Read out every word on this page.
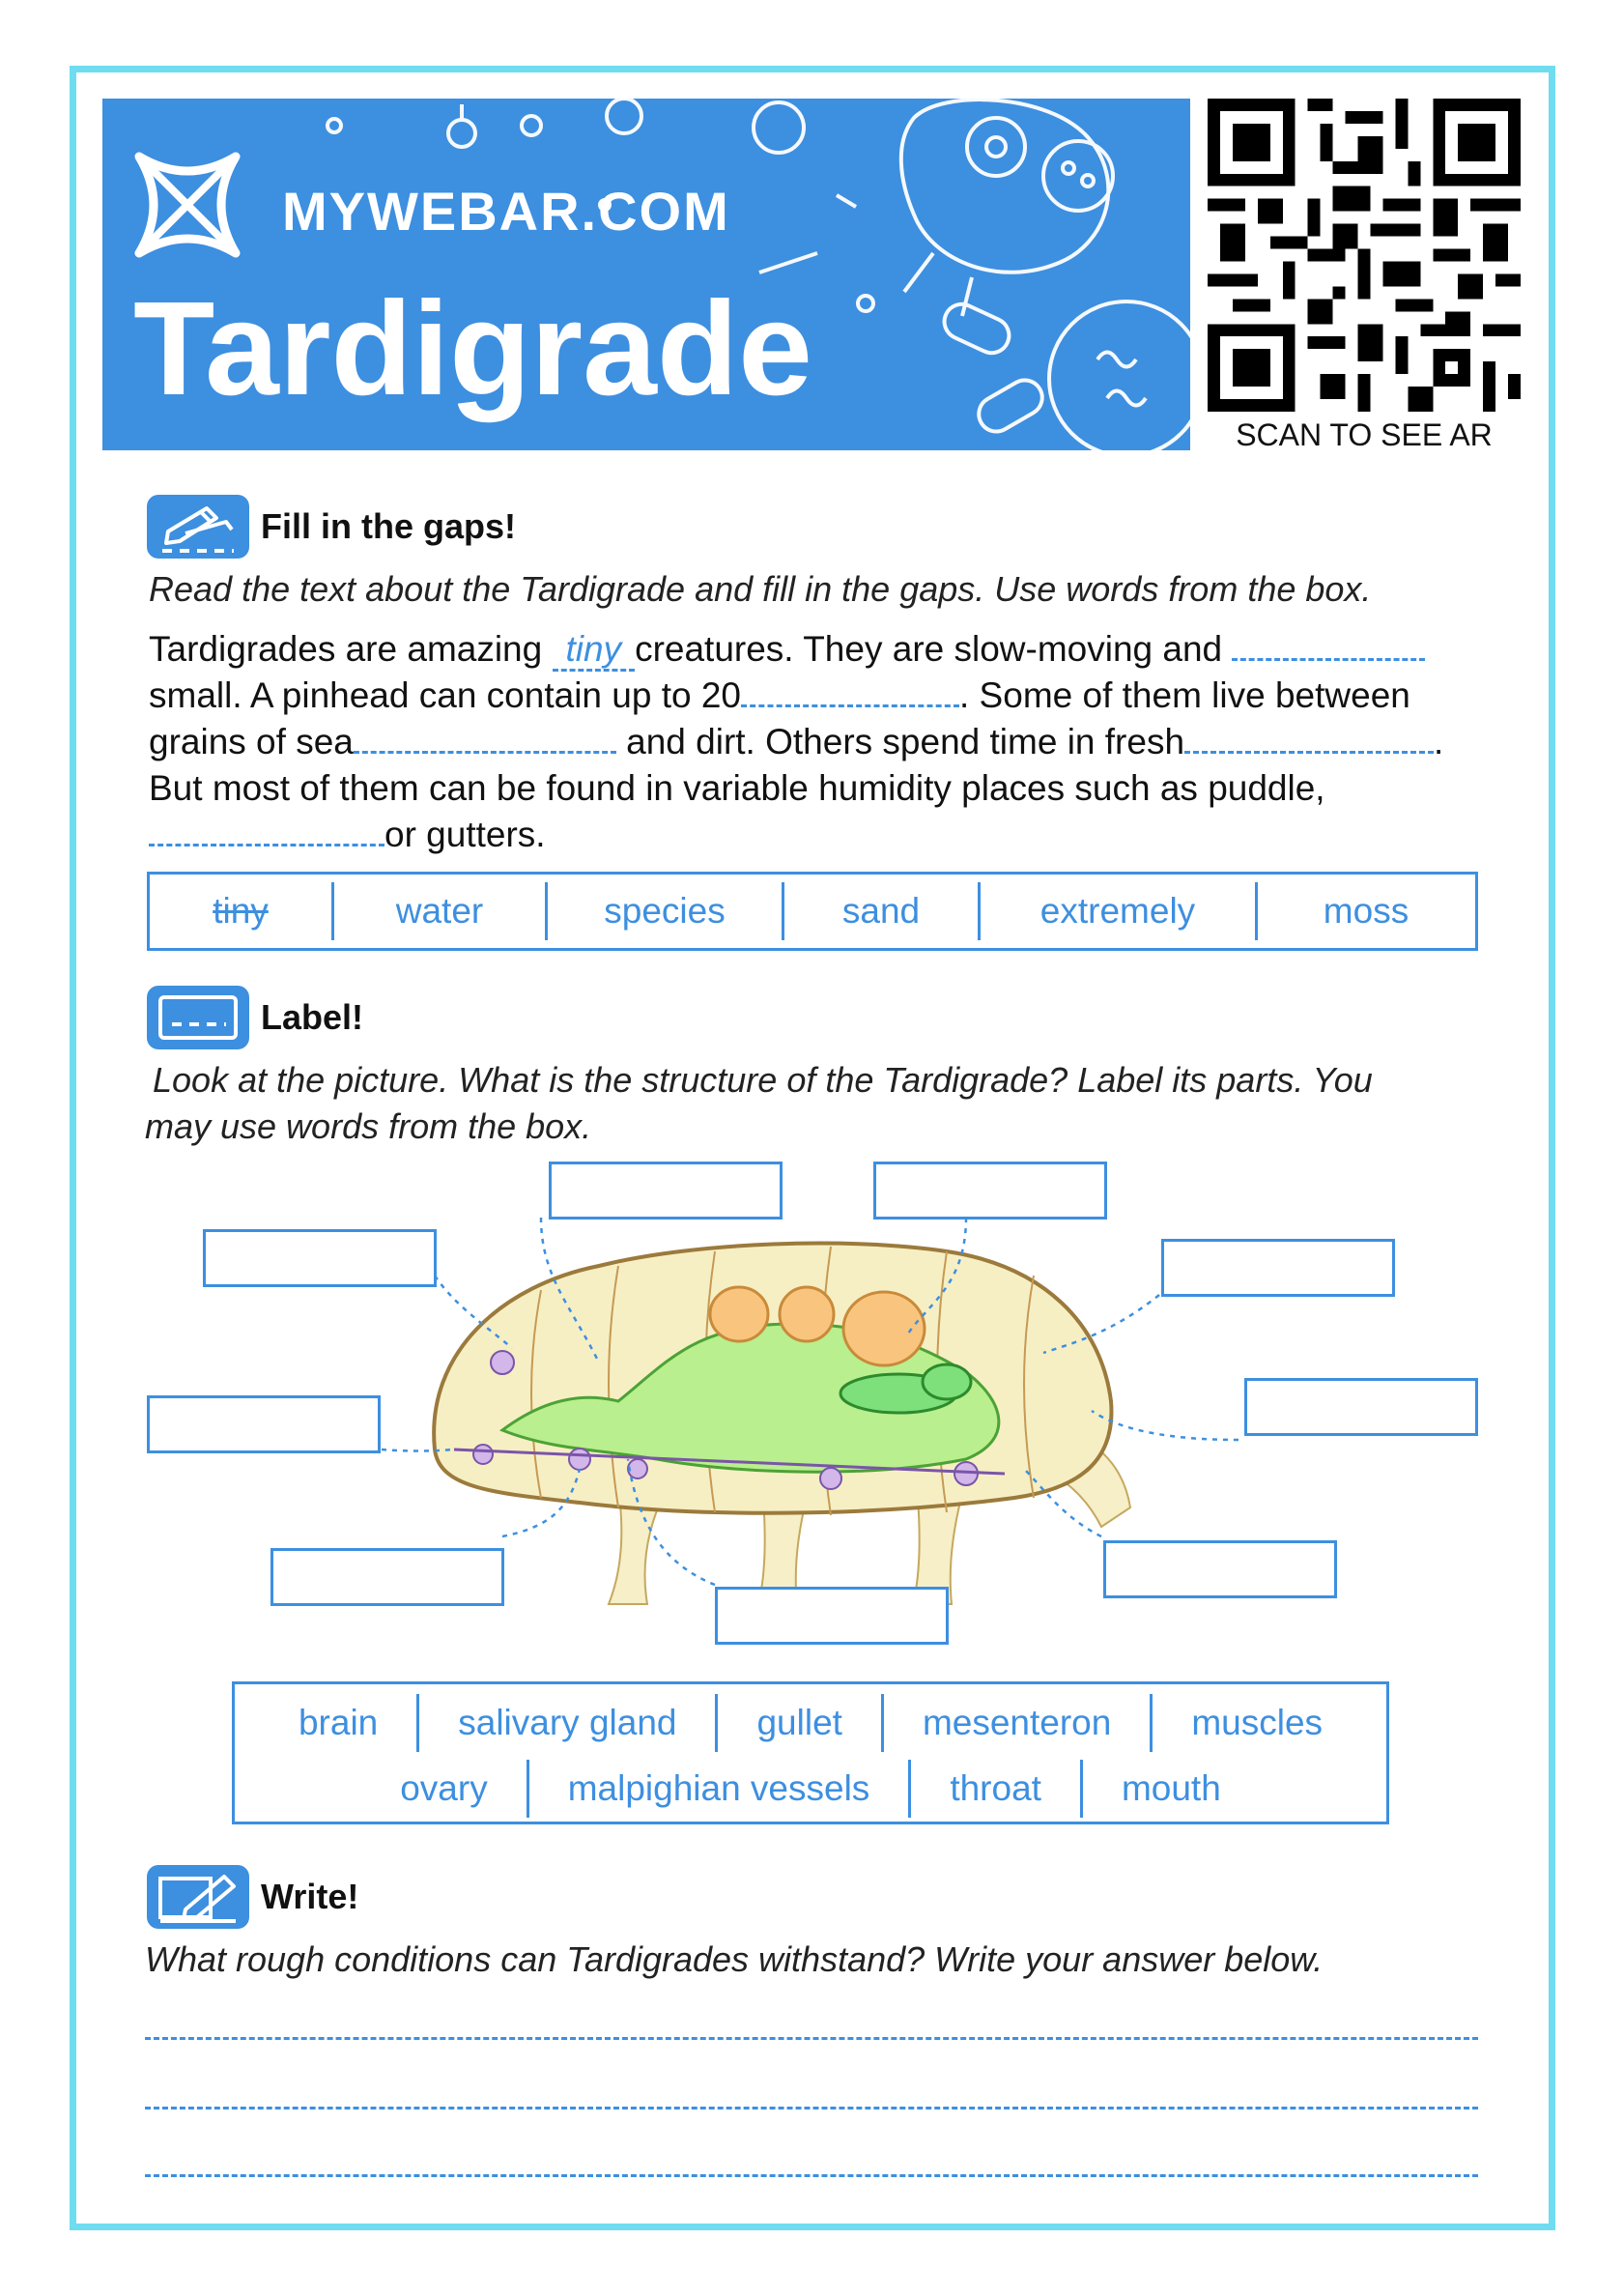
MYWEBAR.COM
Tardigrade
SCAN TO SEE AR
Fill in the gaps!
Read the text about the Tardigrade and fill in the gaps. Use words from the box.
Tardigrades are amazing tiny creatures. They are slow-moving and
small. A pinhead can contain up to 20	. Some of them live between
grains of sea	and dirt. Others spend time in fresh	.
But most of them can be found in variable humidity places such as puddle,
or gutters.
tiny	water	species	sand	extremely	moss
Label!
Look at the picture. What is the structure of the Tardigrade? Label its parts. You
may use words from the box.
brain	salivary gland	gullet	mesenteron	muscles
ovary	malpighian vessels	throat	mouth
Write!
What rough conditions can Tardigrades withstand? Write your answer below.
